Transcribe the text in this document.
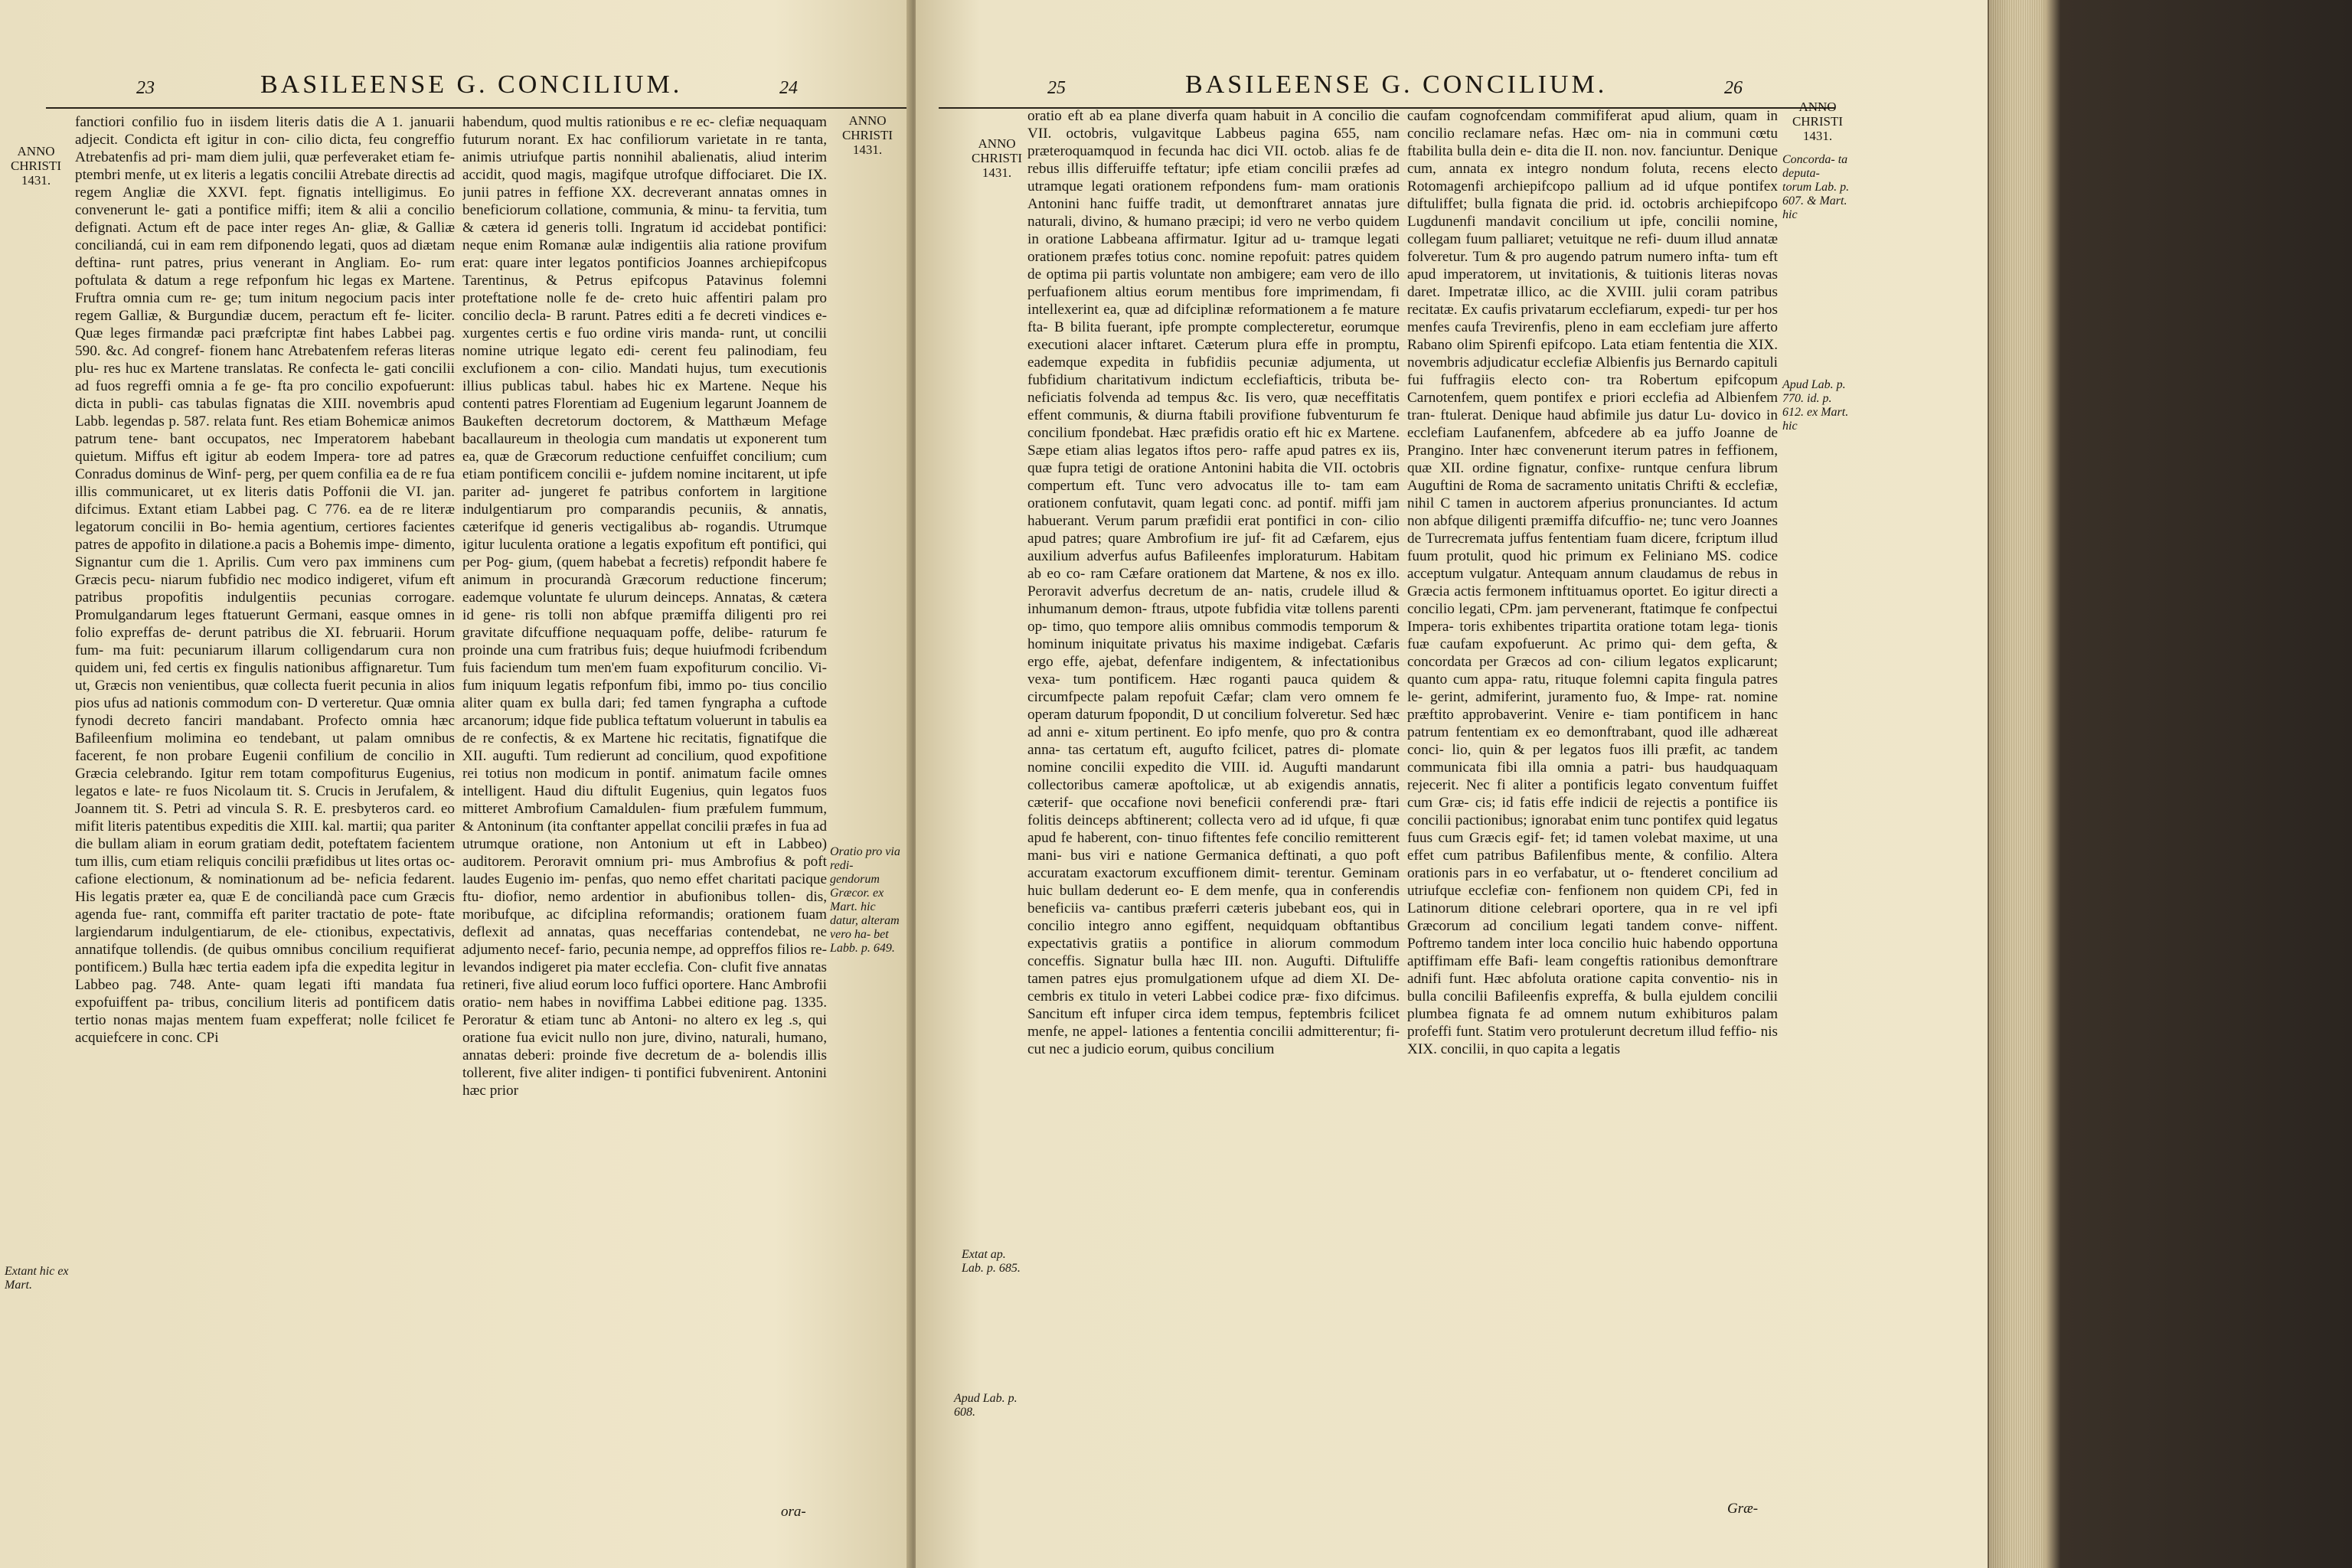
23	BASILEENSE G. CONCILIUM.	24
ANNO CHRISTI 1431.
ANNO CHRISTI 1431.
Oratio pro via redi- gendorum Græcor. ex Mart. hic datur, alteram vero ha- bet Labb. p. 649.
Extant hic ex Mart.
fanctiori confilio fuo in iisdem literis datis die A 1. januarii adjecit. Condicta eft igitur in con- cilio dicta, feu congreffio Atrebatenfis ad pri- mam diem julii, quæ perfeveraket etiam fe- ptembri menfe, ut ex literis a legatis concilii Atrebate directis ad regem Angliæ die XXVI. fept. fignatis intelligimus. Eo convenerunt le- gati a pontifice miffi; item & alii a concilio defignati. Actum eft de pace inter reges An- gliæ, & Galliæ conciliandá, cui in eam rem difponendo legati, quos ad diætam deftina- runt patres, prius venerant in Angliam. Eo- rum poftulata & datum a rege refponfum hic legas ex Martene. Fruftra omnia cum re- ge; tum initum negocium pacis inter regem Galliæ, & Burgundiæ ducem, peractum eft fe- liciter. Quæ leges firmandæ paci præfcriptæ fint habes Labbei pag. 590. &c. Ad congref- fionem hanc Atrebatenfem referas literas plu- res huc ex Martene translatas. Re confecta le- gati concilii ad fuos regreffi omnia a fe ge- fta pro concilio expofuerunt: dicta in publi- cas tabulas fignatas die XIII. novembris apud Labb. legendas p. 587. relata funt. Res etiam Bohemicæ animos patrum tene- bant occupatos, nec Imperatorem habebant quietum. Miffus eft igitur ab eodem Impera- tore ad patres Conradus dominus de Winf- perg, per quem confilia ea de re fua illis communicaret, ut ex literis datis Poffonii die VI. jan. difcimus. Extant etiam Labbei pag. C 776. ea de re literæ legatorum concilii in Bo- hemia agentium, certiores facientes patres de appofito in dilatione.a pacis a Bohemis impe- dimento, Signantur cum die 1. Aprilis. Cum vero pax imminens cum Græcis pecu- niarum fubfidio nec modico indigeret, vifum eft patribus propofitis indulgentiis pecunias corrogare. Promulgandarum leges ftatuerunt Germani, easque omnes in folio expreffas de- derunt patribus die XI. februarii. Horum fum- ma fuit: pecuniarum illarum colligendarum cura non quidem uni, fed certis ex fingulis nationibus affignaretur. Tum ut, Græcis non venientibus, quæ collecta fuerit pecunia in alios pios ufus ad nationis commodum con- D verteretur. Quæ omnia fynodi decreto fanciri mandabant. Profecto omnia hæc Bafileenfium molimina eo tendebant, ut palam omnibus facerent, fe non probare Eugenii confilium de concilio in Græcia celebrando. Igitur rem totam compofiturus Eugenius, legatos e late- re fuos Nicolaum tit. S. Crucis in Jerufalem, & Joannem tit. S. Petri ad vincula S. R. E. presbyteros card. eo mifit literis patentibus expeditis die XIII. kal. martii; qua pariter die bullam aliam in eorum gratiam dedit, poteftatem facientem tum illis, cum etiam reliquis concilii præfidibus ut lites ortas oc- cafione electionum, & nominationum ad be- neficia fedarent. His legatis præter ea, quæ E de conciliandà pace cum Græcis agenda fue- rant, commiffa eft pariter tractatio de pote- ftate largiendarum indulgentiarum, de ele- ctionibus, expectativis, annatifque tollendis. (de quibus omnibus concilium requifierat pontificem.) Bulla hæc tertia eadem ipfa die expedita legitur in Labbeo pag. 748. Ante- quam legati ifti mandata fua expofuiffent pa- tribus, concilium literis ad pontificem datis tertio nonas majas mentem fuam expefferat; nolle fcilicet fe acquiefcere in conc. CPi
habendum, quod multis rationibus e re ec- clefiæ nequaquam futurum norant. Ex hac confiliorum varietate in re tanta, animis utriufque partis nonnihil abalienatis, aliud interim accidit, quod magis, magifque utrofque diffociaret. Die IX. junii patres in feffione XX. decreverant annatas omnes in beneficiorum collatione, communia, & minu- ta fervitia, tum & cætera id generis tolli. Ingratum id accidebat pontifici: neque enim Romanæ aulæ indigentiis alia ratione provifum erat: quare inter legatos pontificios Joannes archiepifcopus Tarentinus, & Petrus epifcopus Patavinus folemni proteftatione nolle fe de- creto huic affentiri palam pro concilio decla- B rarunt. Patres editi a fe decreti vindices e- xurgentes certis e fuo ordine viris manda- runt, ut concilii nomine utrique legato edi- cerent feu palinodiam, feu exclufionem a con- cilio. Mandati hujus, tum executionis illius publicas tabul. habes hic ex Martene. Neque his contenti patres Florentiam ad Eugenium legarunt Joannem de Baukeften decretorum doctorem, & Matthæum Mefage bacallaureum in theologia cum mandatis ut exponerent tum ea, quæ de Græcorum reductione cenfuiffet concilium; cum etiam pontificem concilii e- jufdem nomine incitarent, ut ipfe pariter ad- jungeret fe patribus confortem in largitione indulgentiarum pro comparandis pecuniis, & annatis, cæterifque id generis vectigalibus ab- rogandis. Utrumque igitur luculenta oratione a legatis expofitum eft pontifici, qui per Pog- gium, (quem habebat a fecretis) refpondit habere fe animum in procurandà Græcorum reductione fincerum; eademque voluntate fe ulurum deinceps. Annatas, & cætera id gene- ris tolli non abfque præmiffa diligenti pro rei gravitate difcuffione nequaquam poffe, delibe- raturum fe proinde una cum fratribus fuis; deque huiufmodi fcribendum fuis faciendum tum men'em fuam expofiturum concilio. Vi- fum iniquum legatis refponfum fibi, immo po- tius concilio aliter quam ex bulla dari; fed tamen fyngrapha a cuftode arcanorum; idque fide publica teftatum voluerunt in tabulis ea de re confectis, & ex Martene hic recitatis, fignatifque die XII. augufti. Tum redierunt ad concilium, quod expofitione rei totius non modicum in pontif. animatum facile omnes intelligent. Haud diu diftulit Eugenius, quin legatos fuos mitteret Ambrofium Camaldulen- fium præfulem fummum, & Antoninum (ita conftanter appellat concilii præfes in fua ad utrumque oratione, non Antonium ut eft in Labbeo) auditorem. Peroravit omnium pri- mus Ambrofius & poft laudes Eugenio im- penfas, quo nemo effet charitati pacique ftu- diofior, nemo ardentior in abufionibus tollen- dis, moribufque, ac difciplina reformandis; orationem fuam deflexit ad annatas, quas neceffarias contendebat, ne adjumento necef- fario, pecunia nempe, ad oppreffos filios re- levandos indigeret pia mater ecclefia. Con- clufit five annatas retineri, five aliud eorum loco fuffici oportere. Hanc Ambrofii oratio- nem habes in noviffima Labbei editione pag. 1335. Peroratur & etiam tunc ab Antoni- no altero ex leg .s, qui oratione fua evicit nullo non jure, divino, naturali, humano, annatas deberi: proinde five decretum de a- bolendis illis tollerent, five aliter indigen- ti pontifici fubvenirent. Antonini hæc prior
ora-
25	BASILEENSE G. CONCILIUM.	26
ANNO CHRISTI 1431.
ANNO CHRISTI 1431.
Concorda- ta deputa- torum Lab. p. 607. & Mart. hic
Apud Lab. p. 770. id. p. 612. ex Mart. hic
Extat ap. Lab. p. 685.
Apud Lab. p. 608.
oratio eft ab ea plane diverfa quam habuit in A concilio die VII. octobris, vulgavitque Labbeus pagina 655, nam præteroquamquod in fecunda hac dici VII. octob. alias fe de rebus illis differuiffe teftatur; ipfe etiam concilii præfes ad utramque legati orationem refpondens fum- mam orationis Antonini hanc fuiffe tradit, ut demonftraret annatas jure naturali, divino, & humano præcipi; id vero ne verbo quidem in oratione Labbeana affirmatur. Igitur ad u- tramque legati orationem præfes totius conc. nomine repofuit: patres quidem de optima pii partis voluntate non ambigere; eam vero de illo perfuafionem altius eorum mentibus fore imprimendam, fi intellexerint ea, quæ ad difciplinæ reformationem a fe mature fta- B bilita fuerant, ipfe prompte complecteretur, eorumque executioni alacer inftaret. Cæterum plura effe in promptu, eademque expedita in fubfidiis pecuniæ adjumenta, ut fubfidium charitativum indictum ecclefiafticis, tributa be- neficiatis folvenda ad tempus &c. Iis vero, quæ neceffitatis effent communis, & diurna ftabili provifione fubventurum fe concilium fpondebat. Hæc præfidis oratio eft hic ex Martene. Sæpe etiam alias legatos iftos pero- raffe apud patres ex iis, quæ fupra tetigi de oratione Antonini habita die VII. octobris compertum eft. Tunc vero advocatus ille to- tam eam orationem confutavit, quam legati conc. ad pontif. miffi jam habuerant. Verum parum præfidii erat pontifici in con- cilio apud patres; quare Ambrofium ire juf- fit ad Cæfarem, ejus auxilium adverfus aufus Bafileenfes imploraturum. Habitam ab eo co- ram Cæfare orationem dat Martene, & nos ex illo. Peroravit adverfus decretum de an- natis, crudele illud & inhumanum demon- ftraus, utpote fubfidia vitæ tollens parenti op- timo, quo tempore aliis omnibus commodis temporum & hominum iniquitate privatus his maxime indigebat. Cæfaris ergo effe, ajebat, defenfare indigentem, & infectationibus vexa- tum pontificem. Hæc roganti pauca quidem & circumfpecte palam repofuit Cæfar; clam vero omnem fe operam daturum fpopondit, D ut concilium folveretur. Sed hæc ad anni e- xitum pertinent. Eo ipfo menfe, quo pro & contra anna- tas certatum eft, augufto fcilicet, patres di- plomate nomine concilii expedito die VIII. id. Augufti mandarunt collectoribus cameræ apoftolicæ, ut ab exigendis annatis, cæterif- que occafione novi beneficii conferendi præ- ftari folitis deinceps abftinerent; collecta vero ad id ufque, fi quæ apud fe haberent, con- tinuo fiftentes fefe concilio remitterent mani- bus viri e natione Germanica deftinati, a quo poft accuratam exactorum excuffionem dimit- terentur. Geminam huic bullam dederunt eo- E dem menfe, qua in conferendis beneficiis va- cantibus præferri cæteris jubebant eos, qui in concilio integro anno egiffent, nequidquam obftantibus expectativis gratiis a pontifice in aliorum commodum conceffis. Signatur bulla hæc III. non. Augufti. Diftuliffe tamen patres ejus promulgationem ufque ad diem XI. De- cembris ex titulo in veteri Labbei codice præ- fixo difcimus. Sancitum eft infuper circa idem tempus, feptembris fcilicet menfe, ne appel- lationes a fententia concilii admitterentur; fi- cut nec a judicio eorum, quibus concilium
caufam cognofcendam commififerat apud alium, quam in concilio reclamare nefas. Hæc om- nia in communi cœtu ftabilita bulla dein e- dita die II. non. nov. fanciuntur. Denique cum, annata ex integro nondum foluta, recens electo Rotomagenfi archiepifcopo pallium ad id ufque pontifex diftuliffet; bulla fignata die prid. id. octobris archiepifcopo Lugdunenfi mandavit concilium ut ipfe, concilii nomine, collegam fuum palliaret; vetuitque ne refi- duum illud annatæ folveretur. Tum & pro augendo patrum numero infta- tum eft apud imperatorem, ut invitationis, & tuitionis literas novas daret. Impetratæ illico, ac die XVIII. julii coram patribus recitatæ. Ex caufis privatarum ecclefiarum, expedi- tur per hos menfes caufa Trevirenfis, pleno in eam ecclefiam jure afferto Rabano olim Spirenfi epifcopo. Lata etiam fententia die XIX. novembris adjudicatur ecclefiæ Albienfis jus Bernardo capituli fui fuffragiis electo con- tra Robertum epifcopum Carnotenfem, quem pontifex e priori ecclefia ad Albienfem tran- ftulerat. Denique haud abfimile jus datur Lu- dovico in ecclefiam Laufanenfem, abfcedere ab ea juffo Joanne de Prangino. Inter hæc convenerunt iterum patres in feffionem, quæ XII. ordine fignatur, confixe- runtque cenfura librum Auguftini de Roma de sacramento unitatis Chrifti & ecclefiæ, nihil C tamen in auctorem afperius pronunciantes. Id actum non abfque diligenti præmiffa difcuffio- ne; tunc vero Joannes de Turrecremata juffus fententiam fuam dicere, fcriptum illud fuum protulit, quod hic primum ex Feliniano MS. codice acceptum vulgatur. Antequam annum claudamus de rebus in Græcia actis fermonem inftituamus oportet. Eo igitur directi a concilio legati, CPm. jam pervenerant, ftatimque fe confpectui Impera- toris exhibentes tripartita oratione totam lega- tionis fuæ caufam expofuerunt. Ac primo qui- dem gefta, & concordata per Græcos ad con- cilium legatos explicarunt; quanto cum appa- ratu, rituque folemni capita fingula patres le- gerint, admiferint, juramento fuo, & Impe- rat. nomine præftito approbaverint. Venire e- tiam pontificem in hanc patrum fententiam ex eo demonftrabant, quod ille adhæreat conci- lio, quin & per legatos fuos illi præfit, ac tandem communicata fibi illa omnia a patri- bus haudquaquam rejecerit. Nec fi aliter a pontificis legato conventum fuiffet cum Græ- cis; id fatis effe indicii de rejectis a pontifice iis concilii pactionibus; ignorabat enim tunc pontifex quid legatus fuus cum Græcis egif- fet; id tamen volebat maxime, ut una effet cum patribus Bafilenfibus mente, & confilio. Altera orationis pars in eo verfabatur, ut o- ftenderet concilium ad utriufque ecclefiæ con- fenfionem non quidem CPi, fed in Latinorum ditione celebrari oportere, qua in re vel ipfi Græcorum ad concilium legati tandem conve- niffent. Poftremo tandem inter loca concilio huic habendo opportuna aptiffimam effe Bafi- leam congeftis rationibus demonftrare adnifi funt. Hæc abfoluta oratione capita conventio- nis in bulla concilii Bafileenfis expreffa, & bulla ejuldem concilii plumbea fignata fe ad omnem nutum exhibituros palam profeffi funt. Statim vero protulerunt decretum illud feffio- nis XIX. concilii, in quo capita a legatis
Græ-
